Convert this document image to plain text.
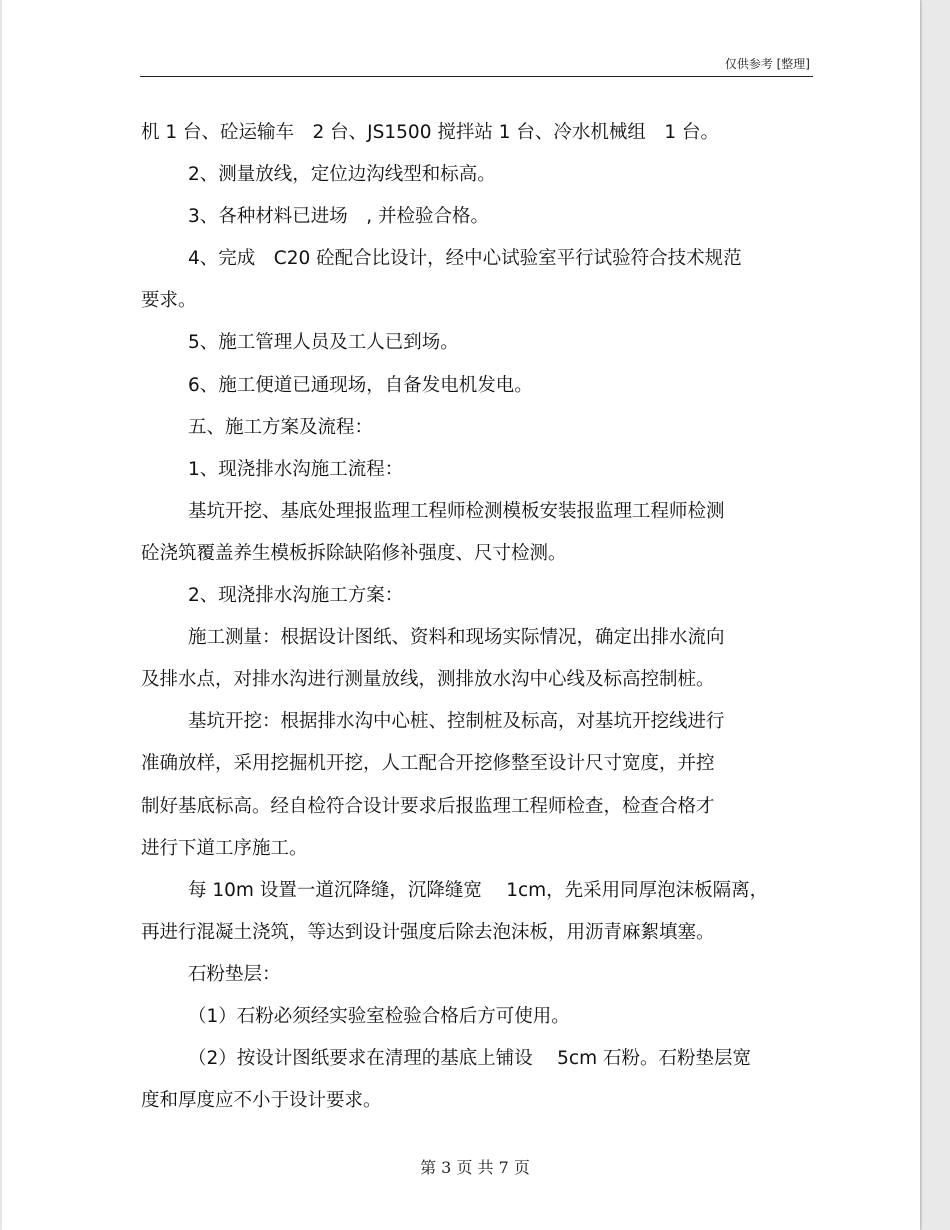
仅供参考 [整理]

机 1 台、砼运输车　2 台、JS1500 搅拌站 1 台、冷水机械组　1 台。

2、测量放线，定位边沟线型和标高。

3、各种材料已进场　, 并检验合格。

4、完成　C20 砼配合比设计，经中心试验室平行试验符合技术规范

要求。

5、施工管理人员及工人已到场。

6、施工便道已通现场，自备发电机发电。

五、施工方案及流程：

1、现浇排水沟施工流程：

基坑开挖、基底处理报监理工程师检测模板安装报监理工程师检测

砼浇筑覆盖养生模板拆除缺陷修补强度、尺寸检测。

2、现浇排水沟施工方案：

施工测量：根据设计图纸、资料和现场实际情况，确定出排水流向

及排水点，对排水沟进行测量放线，测排放水沟中心线及标高控制桩。

基坑开挖：根据排水沟中心桩、控制桩及标高，对基坑开挖线进行

准确放样，采用挖掘机开挖，人工配合开挖修整至设计尺寸宽度，并控

制好基底标高。经自检符合设计要求后报监理工程师检查，检查合格才

进行下道工序施工。

每 10m 设置一道沉降缝，沉降缝宽　 1cm，先采用同厚泡沫板隔离，

再进行混凝土浇筑，等达到设计强度后除去泡沫板，用沥青麻絮填塞。

石粉垫层：

（1）石粉必须经实验室检验合格后方可使用。

（2）按设计图纸要求在清理的基底上铺设　 5cm 石粉。石粉垫层宽

度和厚度应不小于设计要求。

第 3 页 共 7 页
